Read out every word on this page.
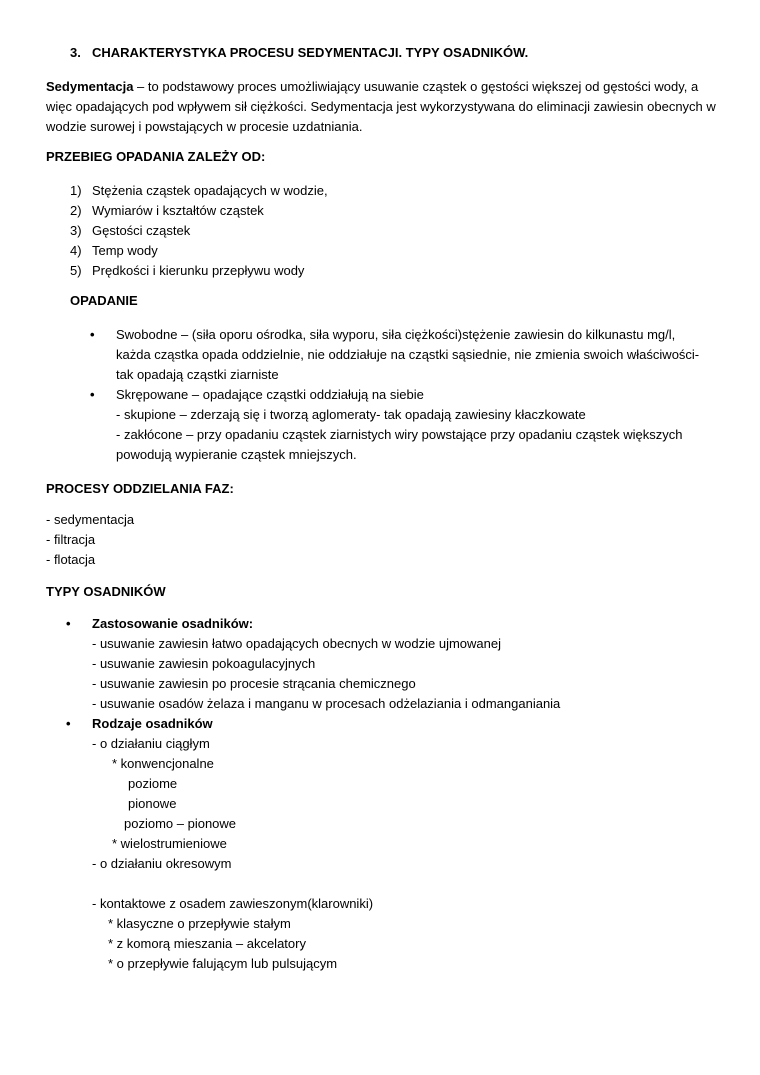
3. CHARAKTERYSTYKA PROCESU SEDYMENTACJI. TYPY OSADNIKÓW.
Sedymentacja – to podstawowy proces umożliwiający usuwanie cząstek o gęstości większej od gęstości wody, a więc opadających pod wpływem sił ciężkości. Sedymentacja jest wykorzystywana do eliminacji zawiesin obecnych w wodzie surowej i powstających w procesie uzdatniania.
PRZEBIEG OPADANIA ZALEŻY OD:
1) Stężenia cząstek opadających w wodzie,
2) Wymiarów i kształtów cząstek
3) Gęstości cząstek
4) Temp wody
5) Prędkości i kierunku przepływu wody
OPADANIE
•	Swobodne – (siła oporu ośrodka, siła wyporu, siła ciężkości)stężenie zawiesin do kilkunastu mg/l, każda cząstka opada oddzielnie, nie oddziałuje na cząstki sąsiednie, nie zmienia swoich właściwości- tak opadają cząstki ziarniste
•	Skrępowane – opadające cząstki oddziałują na siebie
- skupione – zderzają się i tworzą aglomeraty- tak opadają zawiesiny kłaczkowate
- zakłócone – przy opadaniu cząstek ziarnistych wiry powstające przy opadaniu cząstek większych powodują wypieranie cząstek mniejszych.
PROCESY ODDZIELANIA FAZ:
- sedymentacja
- filtracja
- flotacja
TYPY OSADNIKÓW
•	Zastosowanie osadników:
- usuwanie zawiesin łatwo opadających obecnych w wodzie ujmowanej
- usuwanie zawiesin pokoagulacyjnych
- usuwanie zawiesin po procesie strącania chemicznego
- usuwanie osadów żelaza i manganu w procesach odżelaziania i odmanganiania
•	Rodzaje osadników
- o działaniu ciągłym
* konwencjonalne
poziome
pionowe
poziomo – pionowe
* wielostrumieniowe
- o działaniu okresowym
- kontaktowe z osadem zawieszonym(klarowniki)
* klasyczne o przepływie stałym
* z komorą mieszania – akcelatory
* o przepływie falującym lub pulsującym
